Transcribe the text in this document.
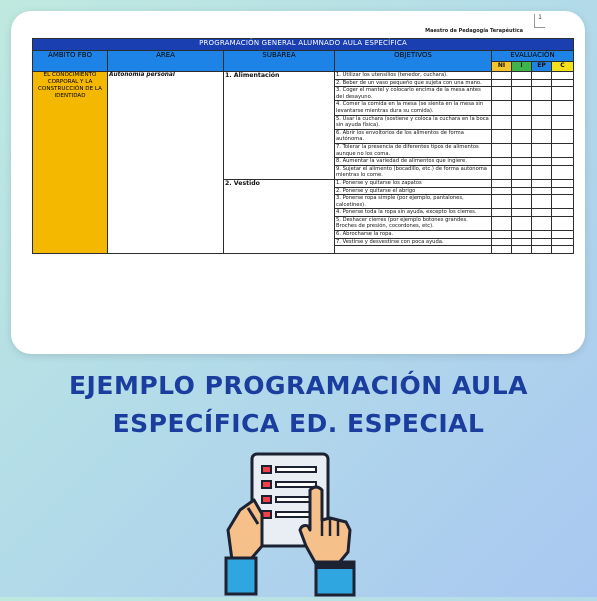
Maestro de Pedagogía Terapéutica
1
PROGRAMACIÓN GENERAL ALUMNADO AULA ESPECÍFICA							
ÁMBITO FBO	ÁREA	SUBÁREA	OBJETIVOS	EVALUACIÓN			
				NI	I	EP	C
EL CONOCIMIENTO CORPORAL Y LA CONSTRUCCIÓN DE LA IDENTIDAD	Autonomía personal	1. Alimentación	1. Utilizar los utensilios (tenedor, cuchara).				
			2. Beber de un vaso pequeño que sujeta con una mano.				
			3. Coger el mantel y colocarlo encima de la mesa antes del desayuno.				
			4. Comer la comida en la mesa (se sienta en la mesa sin levantarse mientras dura su comida).				
			5. Usar la cuchara (sostiene y coloca la cuchara en la boca sin ayuda física).				
			6. Abrir los envoltorios de los alimentos de forma autónoma.				
			7. Tolerar la presencia de diferentes tipos de alimentos aunque no los coma.				
			8. Aumentar la variedad de alimentos que ingiere.				
			9. Sujetar el alimento (bocadillo, etc.) de forma autónoma mientras lo come.				
		2. Vestido	1. Ponerse y quitarse los zapatos				
			2. Ponerse y quitarse el abrigo				
			3. Ponerse ropa simple (por ejemplo, pantalones, calcetines).				
			4. Ponerse toda la ropa sin ayuda, excepto los cierres.				
			5. Deshacer cierres (por ejemplo botones grandes. Broches de presión, cocordones, etc).				
			6. Abrocharse la ropa.				
			7. Vestirse y desvestirse con poca ayuda.				

EJEMPLO PROGRAMACIÓN AULA
ESPECÍFICA ED. ESPECIAL
